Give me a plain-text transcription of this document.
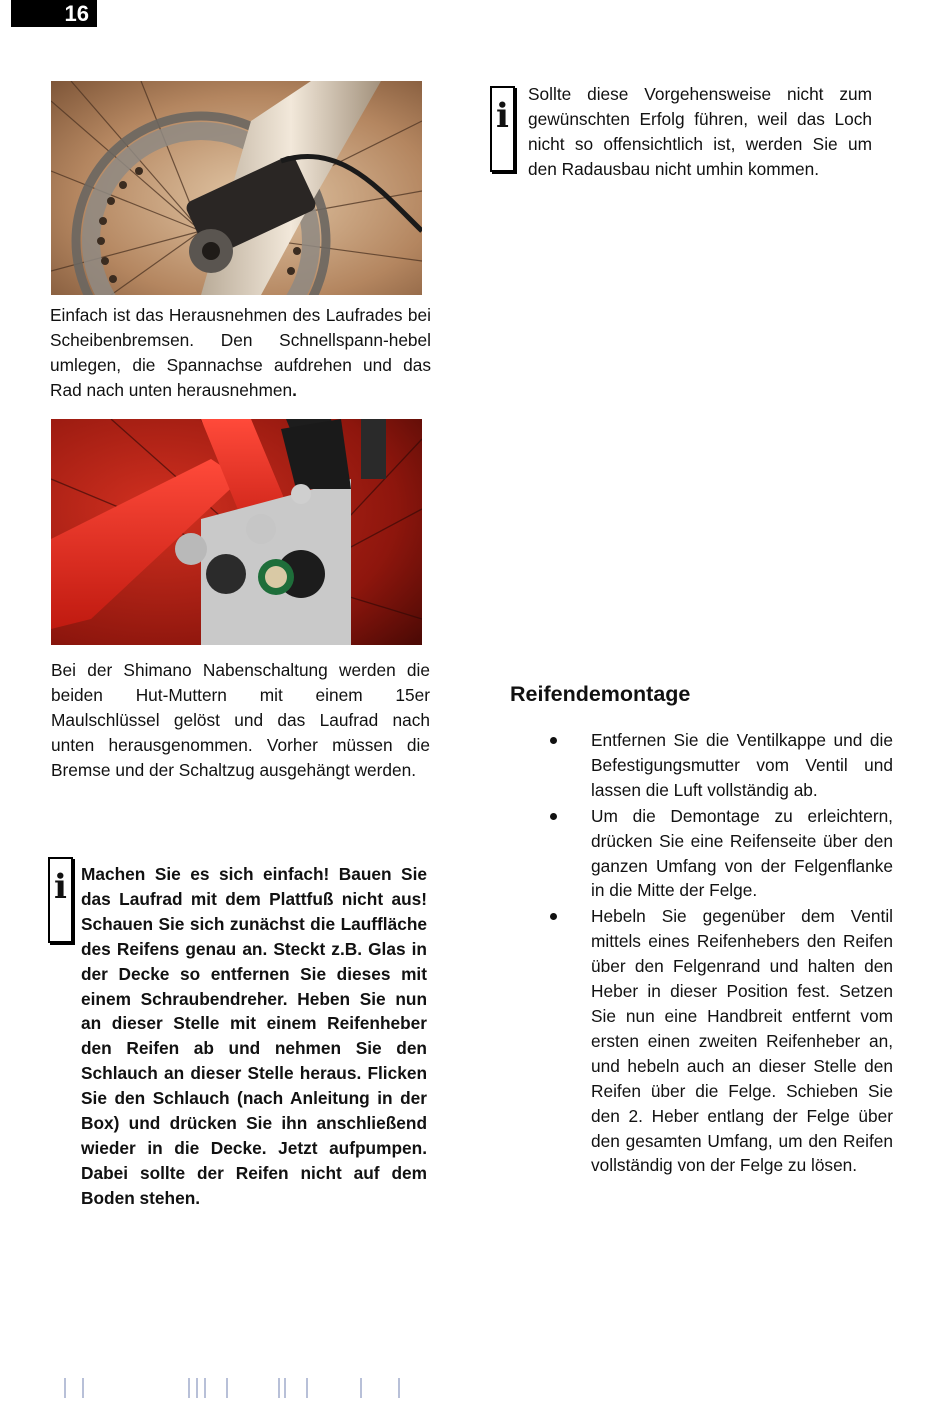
16
i

Sollte diese Vorgehensweise nicht zum gewünschten Erfolg führen, weil das Loch nicht so offensichtlich ist, werden Sie um den Radausbau nicht umhin kommen.

Einfach ist das Herausnehmen des Laufrades bei Scheibenbremsen. Den Schnellspann-hebel umlegen, die Spannachse aufdrehen und das Rad nach unten herausnehmen.

Bei der Shimano Nabenschaltung werden die beiden Hut-Muttern mit einem 15er Maulschlüssel gelöst und das Laufrad nach unten herausgenommen. Vorher müssen die Bremse und der Schaltzug ausgehängt werden.

i Machen Sie es sich einfach! Bauen Sie das Laufrad mit dem Plattfuß nicht aus! Schauen Sie sich zunächst die Lauffläche des Reifens genau an. Steckt z.B. Glas in der Decke so entfernen Sie dieses mit einem Schraubendreher. Heben Sie nun an dieser Stelle mit einem Reifenheber den Reifen ab und nehmen Sie den Schlauch an dieser Stelle heraus. Flicken Sie den Schlauch (nach Anleitung in der Box) und drücken Sie ihn anschließend wieder in die Decke. Jetzt aufpumpen. Dabei sollte der Reifen nicht auf dem Boden stehen.

Reifendemontage
Entfernen Sie die Ventilkappe und die Befestigungsmutter vom Ventil und lassen die Luft vollständig ab.
Um die Demontage zu erleichtern, drücken Sie eine Reifenseite über den ganzen Umfang von der Felgenflanke in die Mitte der Felge.
Hebeln Sie gegenüber dem Ventil mittels eines Reifenhebers den Reifen über den Felgenrand und halten den Heber in dieser Position fest. Setzen Sie nun eine Handbreit entfernt vom ersten einen zweiten Reifenheber an, und hebeln auch an dieser Stelle den Reifen über die Felge. Schieben Sie den 2. Heber entlang der Felge über den gesamten Umfang, um den Reifen vollständig von der Felge zu lösen.
